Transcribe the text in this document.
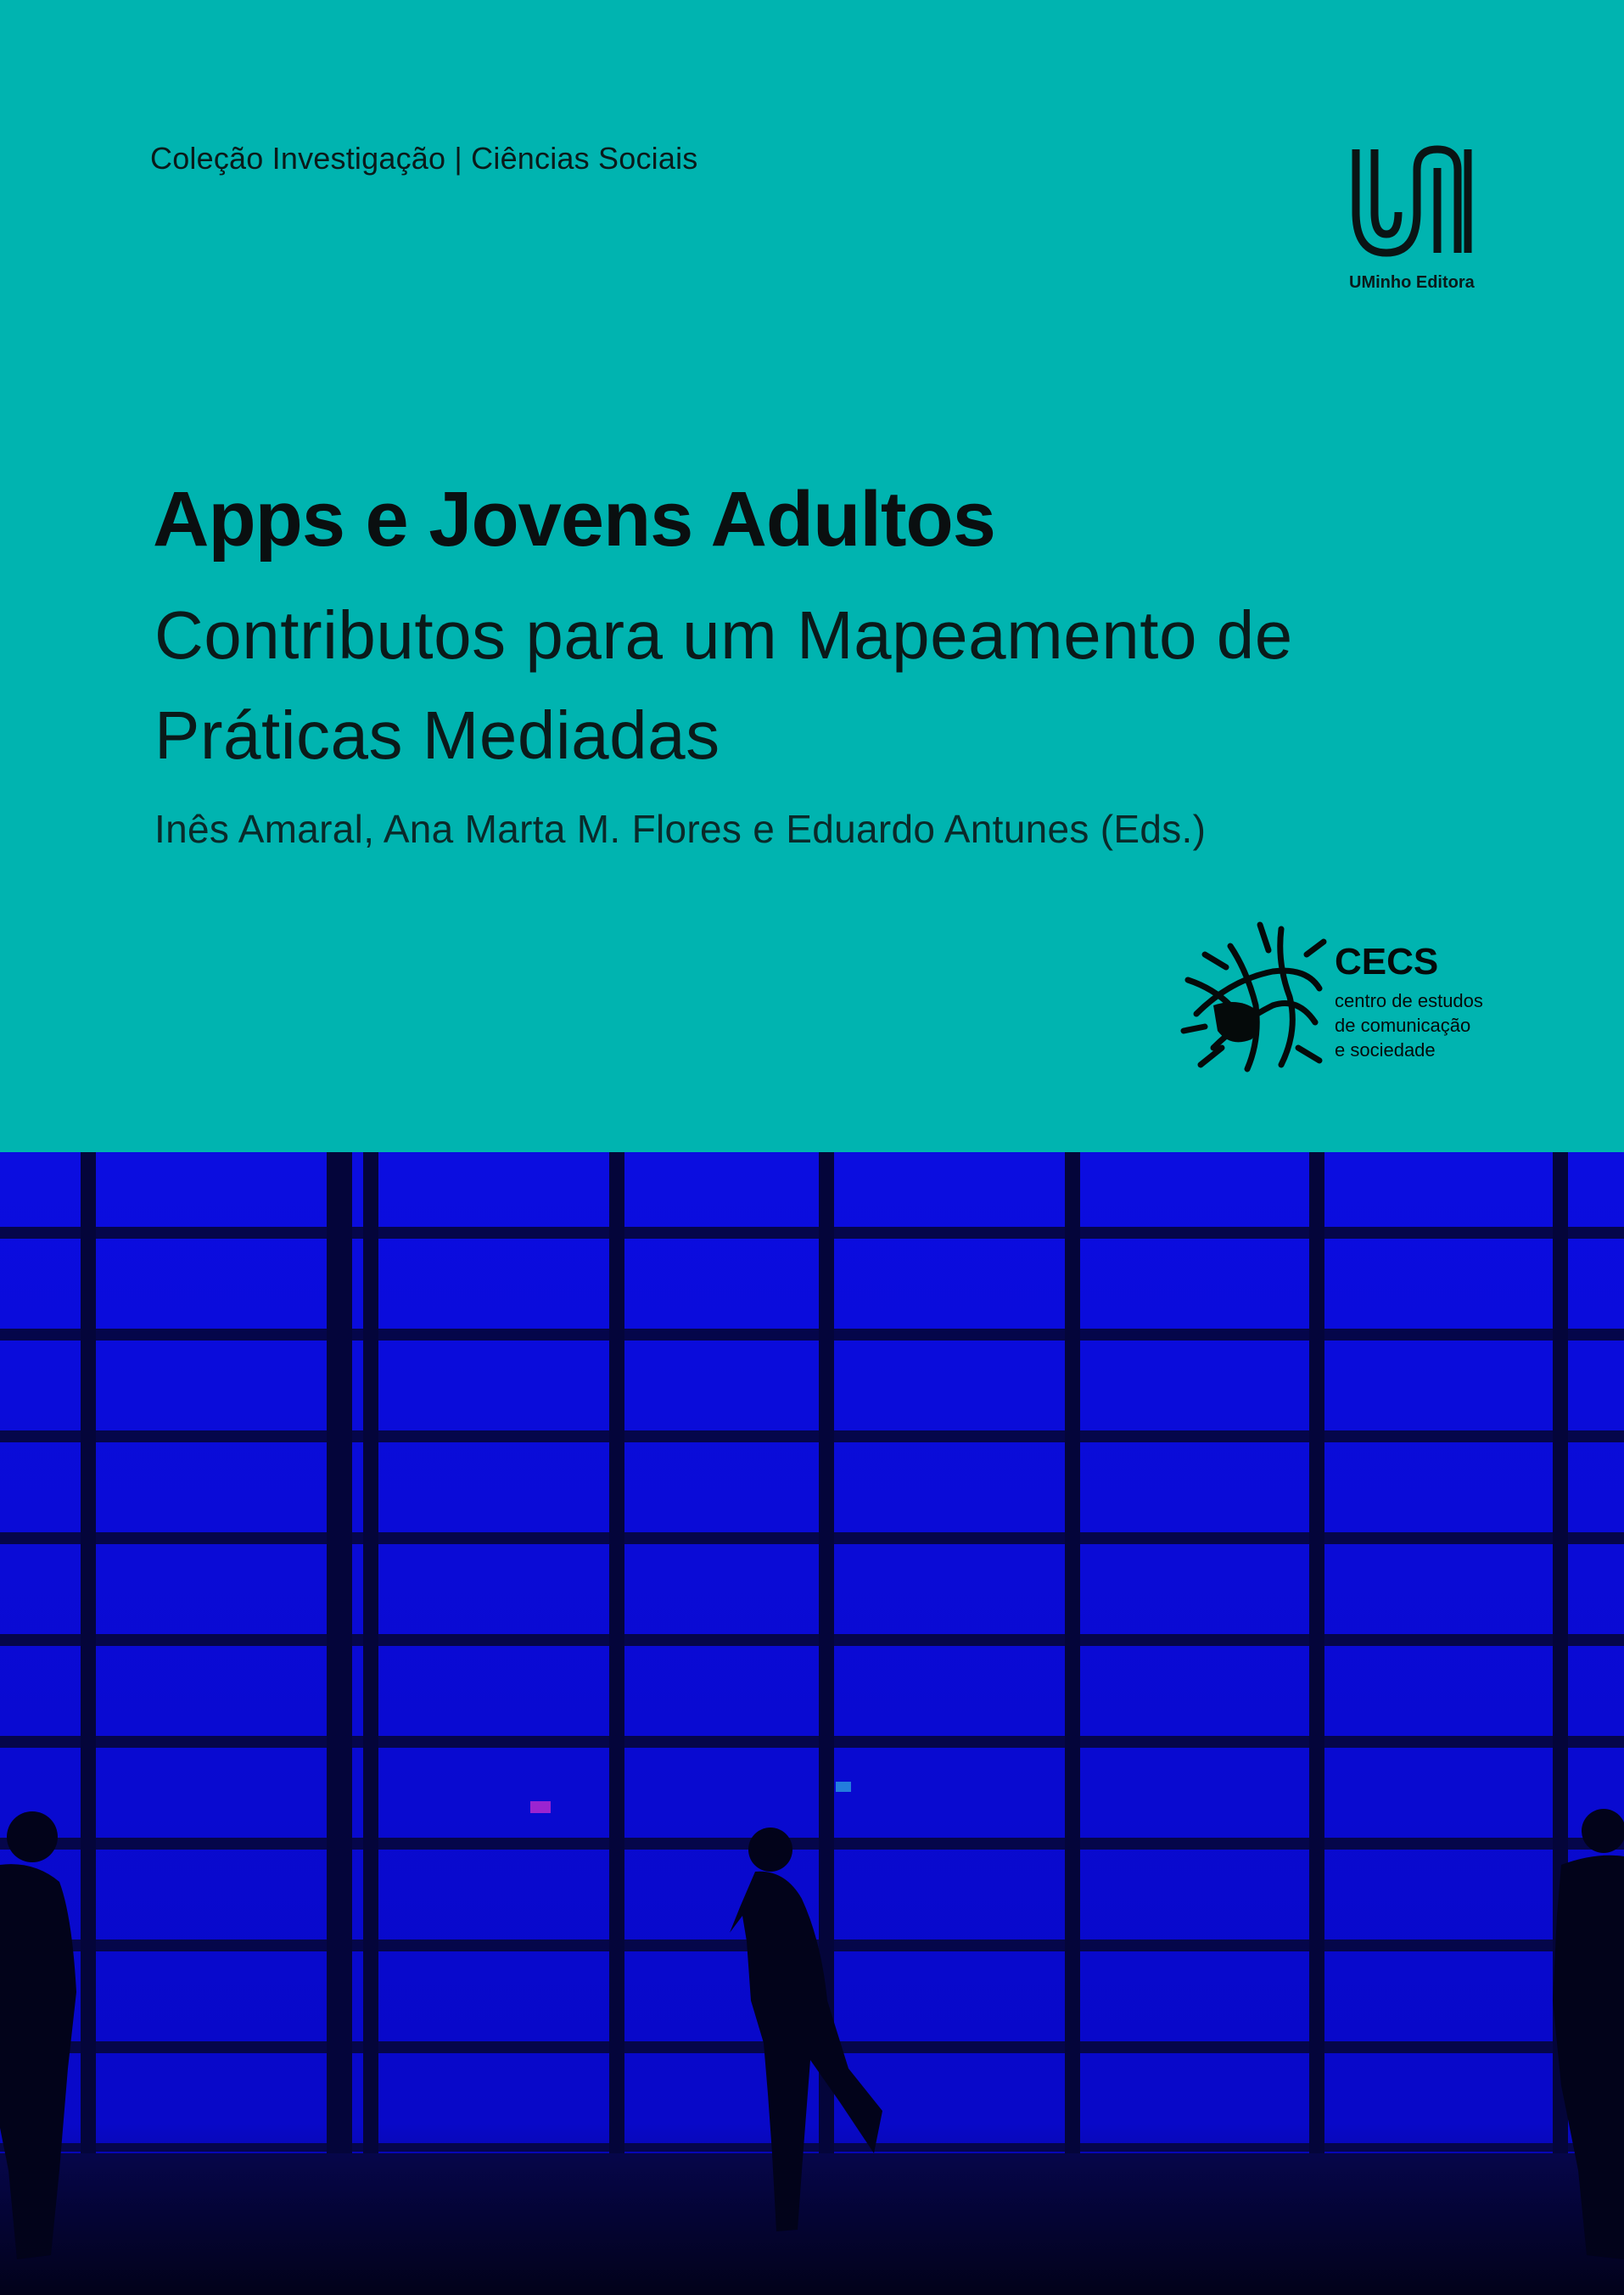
Coleção Investigação | Ciências Sociais
UMinho Editora
Apps e Jovens Adultos
Contributos para um Mapeamento de Práticas Mediadas
Inês Amaral, Ana Marta M. Flores e Eduardo Antunes (Eds.)
CECS
centro de estudos
de comunicação
e sociedade
